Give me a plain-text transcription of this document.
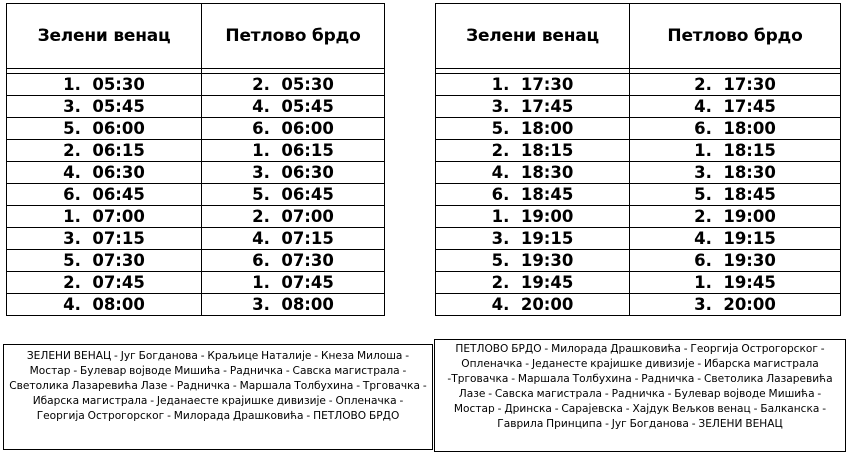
Зелени венац	Петлово брдо

1.  05:30	2.  05:30
3.  05:45	4.  05:45
5.  06:00	6.  06:00
2.  06:15	1.  06:15
4.  06:30	3.  06:30
6.  06:45	5.  06:45
1.  07:00	2.  07:00
3.  07:15	4.  07:15
5.  07:30	6.  07:30
2.  07:45	1.  07:45
4.  08:00	3.  08:00
Зелени венац	Петлово брдо

1.  17:30	2.  17:30
3.  17:45	4.  17:45
5.  18:00	6.  18:00
2.  18:15	1.  18:15
4.  18:30	3.  18:30
6.  18:45	5.  18:45
1.  19:00	2.  19:00
3.  19:15	4.  19:15
5.  19:30	6.  19:30
2.  19:45	1.  19:45
4.  20:00	3.  20:00
ЗЕЛЕНИ ВЕНАЦ - Југ Богданова - Краљице Наталије - Кнеза Милоша - Мостар - Булевар војводе Мишића - Радничка - Савска магистрала - Светолика Лазаревића Лазе - Радничка - Маршала Толбухина - Трговачка - Ибарска магистрала - Једанаесте крајишке дивизије - Опленачка - Георгија Острогорског - Милорада Драшковића - ПЕТЛОВО БРДО
ПЕТЛОВО БРДО - Милорада Драшковића - Георгија Острогорског - Опленачка - Једанесте крајишке дивизије - Ибарска магистрала -Трговачка - Маршала Толбухина - Радничка - Светолика Лазаревића Лазе - Савска магистрала - Радничка - Булевар војводе Мишића - Мостар - Дринска - Сарајевска - Хајдук Вељков венац - Балканска - Гаврила Принципа - Југ Богданова - ЗЕЛЕНИ ВЕНАЦ
